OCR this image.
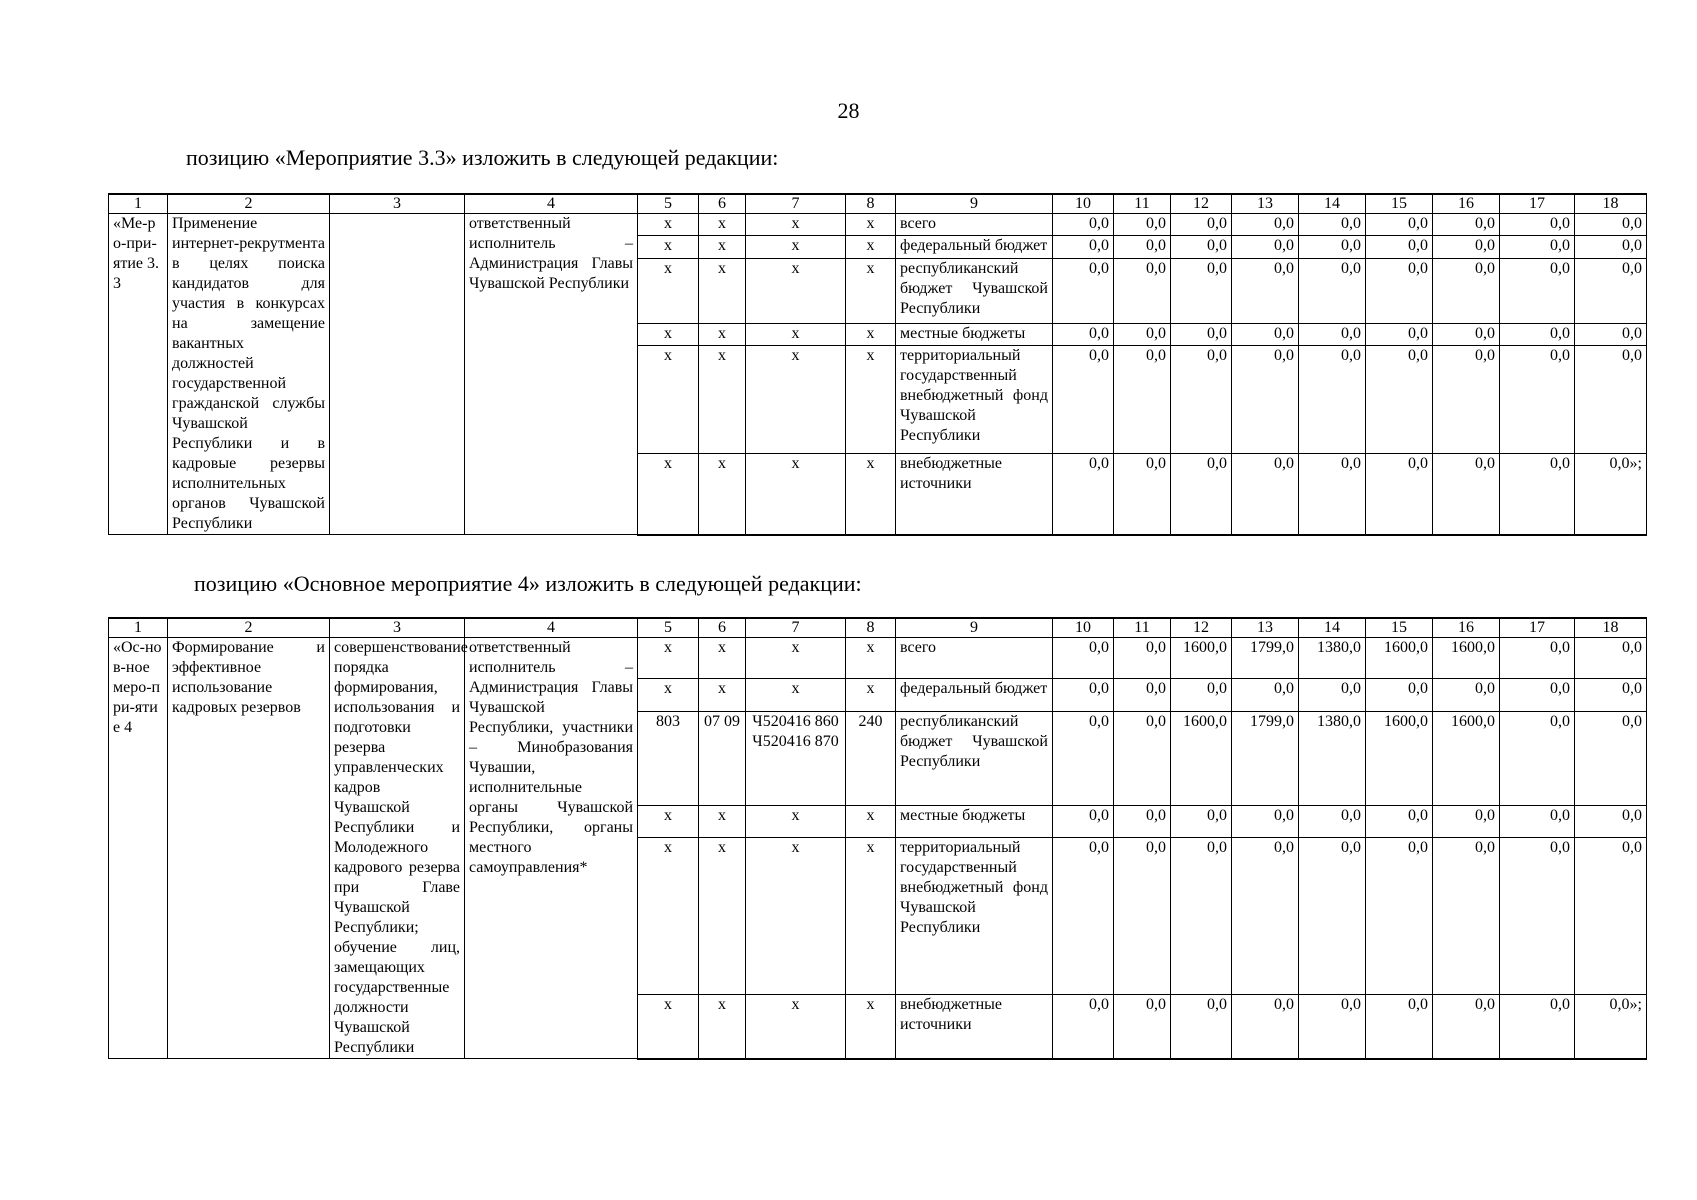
28
позицию «Мероприятие 3.3» изложить в следующей редакции:
1	2	3	4	5	6	7	8	9	10	11	12	13	14	15	16	17	18
«Ме-ро-при-ятие 3.3	Применение интернет-рекрутмента в целях поиска кандидатов для участия в конкурсах на замещение вакантных должностей государственной гражданской службы Чувашской Республики и в кадровые резервы исполнительных органов Чувашской Республики		ответственный исполнитель – Администрация Главы Чувашской Республики	x	x	x	x	всего	0,0	0,0	0,0	0,0	0,0	0,0	0,0	0,0	0,0
				x	x	x	x	федеральный бюджет	0,0	0,0	0,0	0,0	0,0	0,0	0,0	0,0	0,0
				x	x	x	x	республиканский бюджет Чувашской Республики	0,0	0,0	0,0	0,0	0,0	0,0	0,0	0,0	0,0
				x	x	x	x	местные бюджеты	0,0	0,0	0,0	0,0	0,0	0,0	0,0	0,0	0,0
				x	x	x	x	территориальный государственный внебюджетный фонд Чувашской Республики	0,0	0,0	0,0	0,0	0,0	0,0	0,0	0,0	0,0
				x	x	x	x	внебюджетные источники	0,0	0,0	0,0	0,0	0,0	0,0	0,0	0,0	0,0»;
позицию «Основное мероприятие 4» изложить в следующей редакции:
1	2	3	4	5	6	7	8	9	10	11	12	13	14	15	16	17	18
«Ос-нов-ное меро-при-ятие 4	Формирование и эффективное использование кадровых резервов	совершенствование порядка формирования, использования и подготовки резерва управленческих кадров Чувашской Республики и Молодежного кадрового резерва при Главе Чувашской Республики; обучение лиц, замещающих государственные должности Чувашской Республики	ответственный исполнитель – Администрация Главы Чувашской Республики, участники – Минобразования Чувашии, исполнительные органы Чувашской Республики, органы местного самоуправления*	x	x	x	x	всего	0,0	0,0	1600,0	1799,0	1380,0	1600,0	1600,0	0,0	0,0
				x	x	x	x	федеральный бюджет	0,0	0,0	0,0	0,0	0,0	0,0	0,0	0,0	0,0
				803	07 09	Ч520416 860 Ч520416 870	240	республиканский бюджет Чувашской Республики	0,0	0,0	1600,0	1799,0	1380,0	1600,0	1600,0	0,0	0,0
				x	x	x	x	местные бюджеты	0,0	0,0	0,0	0,0	0,0	0,0	0,0	0,0	0,0
				x	x	x	x	территориальный государственный внебюджетный фонд Чувашской Республики	0,0	0,0	0,0	0,0	0,0	0,0	0,0	0,0	0,0
				x	x	x	x	внебюджетные источники	0,0	0,0	0,0	0,0	0,0	0,0	0,0	0,0	0,0»;
